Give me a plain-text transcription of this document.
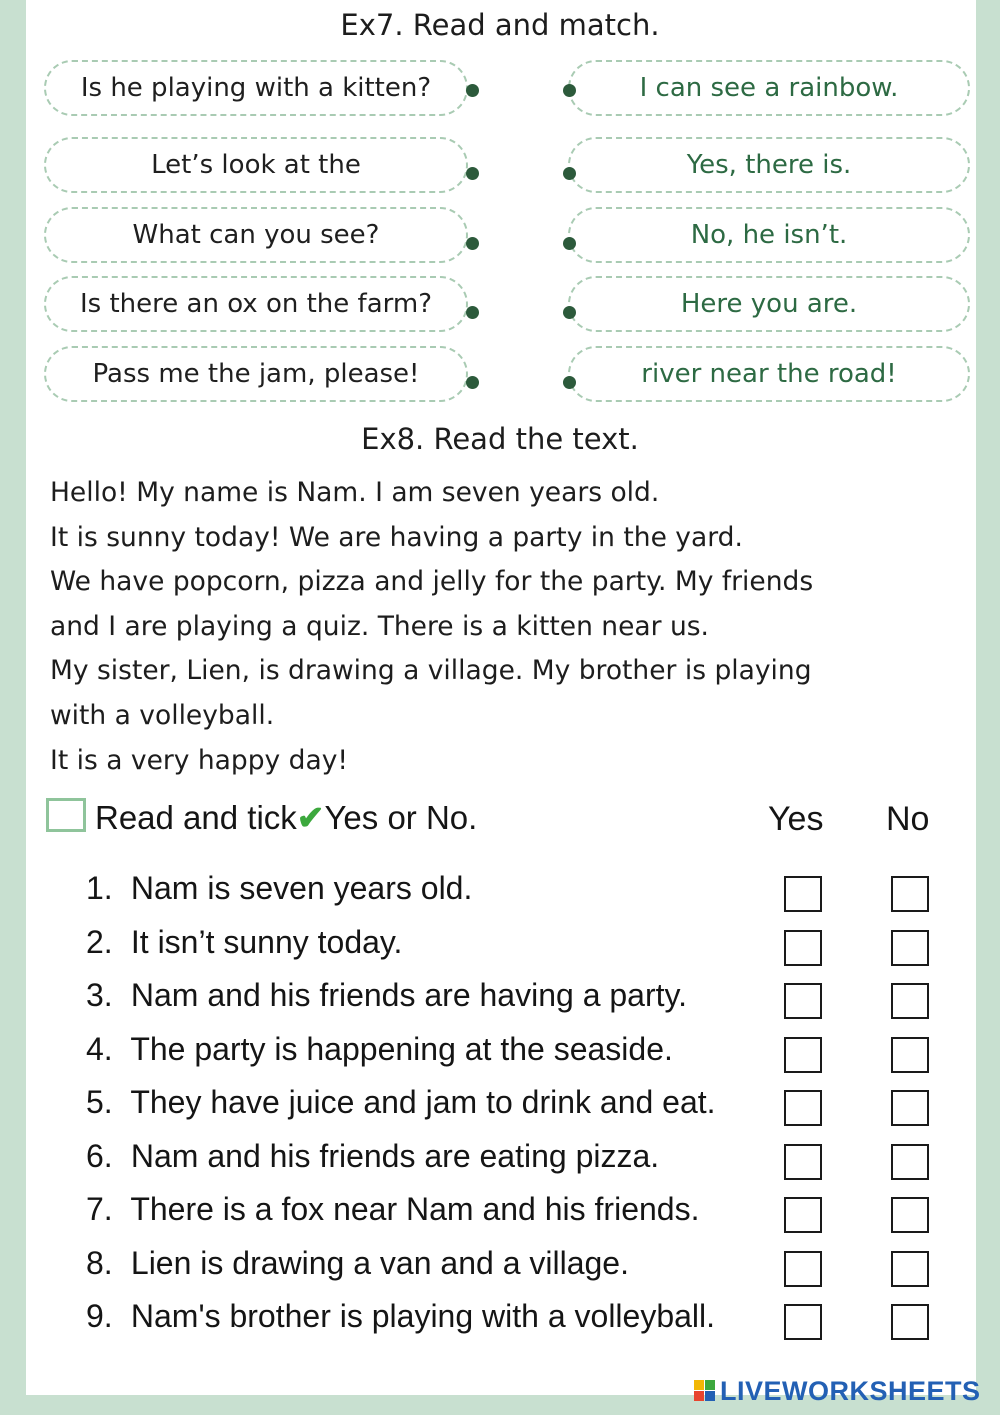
Ex7. Read and match.
Is he playing with a kitten?	I can see a rainbow.
Let’s look at the	Yes, there is.
What can you see?	No, he isn’t.
Is there an ox on the farm?	Here you are.
Pass me the jam, please!	river near the road!
Ex8. Read the text.
Hello! My name is Nam. I am seven years old.
It is sunny today! We are having a party in the yard.
We have popcorn, pizza and jelly for the party. My friends
and I are playing a quiz. There is a kitten near us.
My sister, Lien, is drawing a village. My brother is playing
with a volleyball.
It is a very happy day!
Read and tick✔Yes or No.	Yes No
1. Nam is seven years old.
2. It isn’t sunny today.
3. Nam and his friends are having a party.
4. The party is happening at the seaside.
5. They have juice and jam to drink and eat.
6. Nam and his friends are eating pizza.
7. There is a fox near Nam and his friends.
8. Lien is drawing a van and a village.
9. Nam's brother is playing with a volleyball.
LIVEWORKSHEETS
